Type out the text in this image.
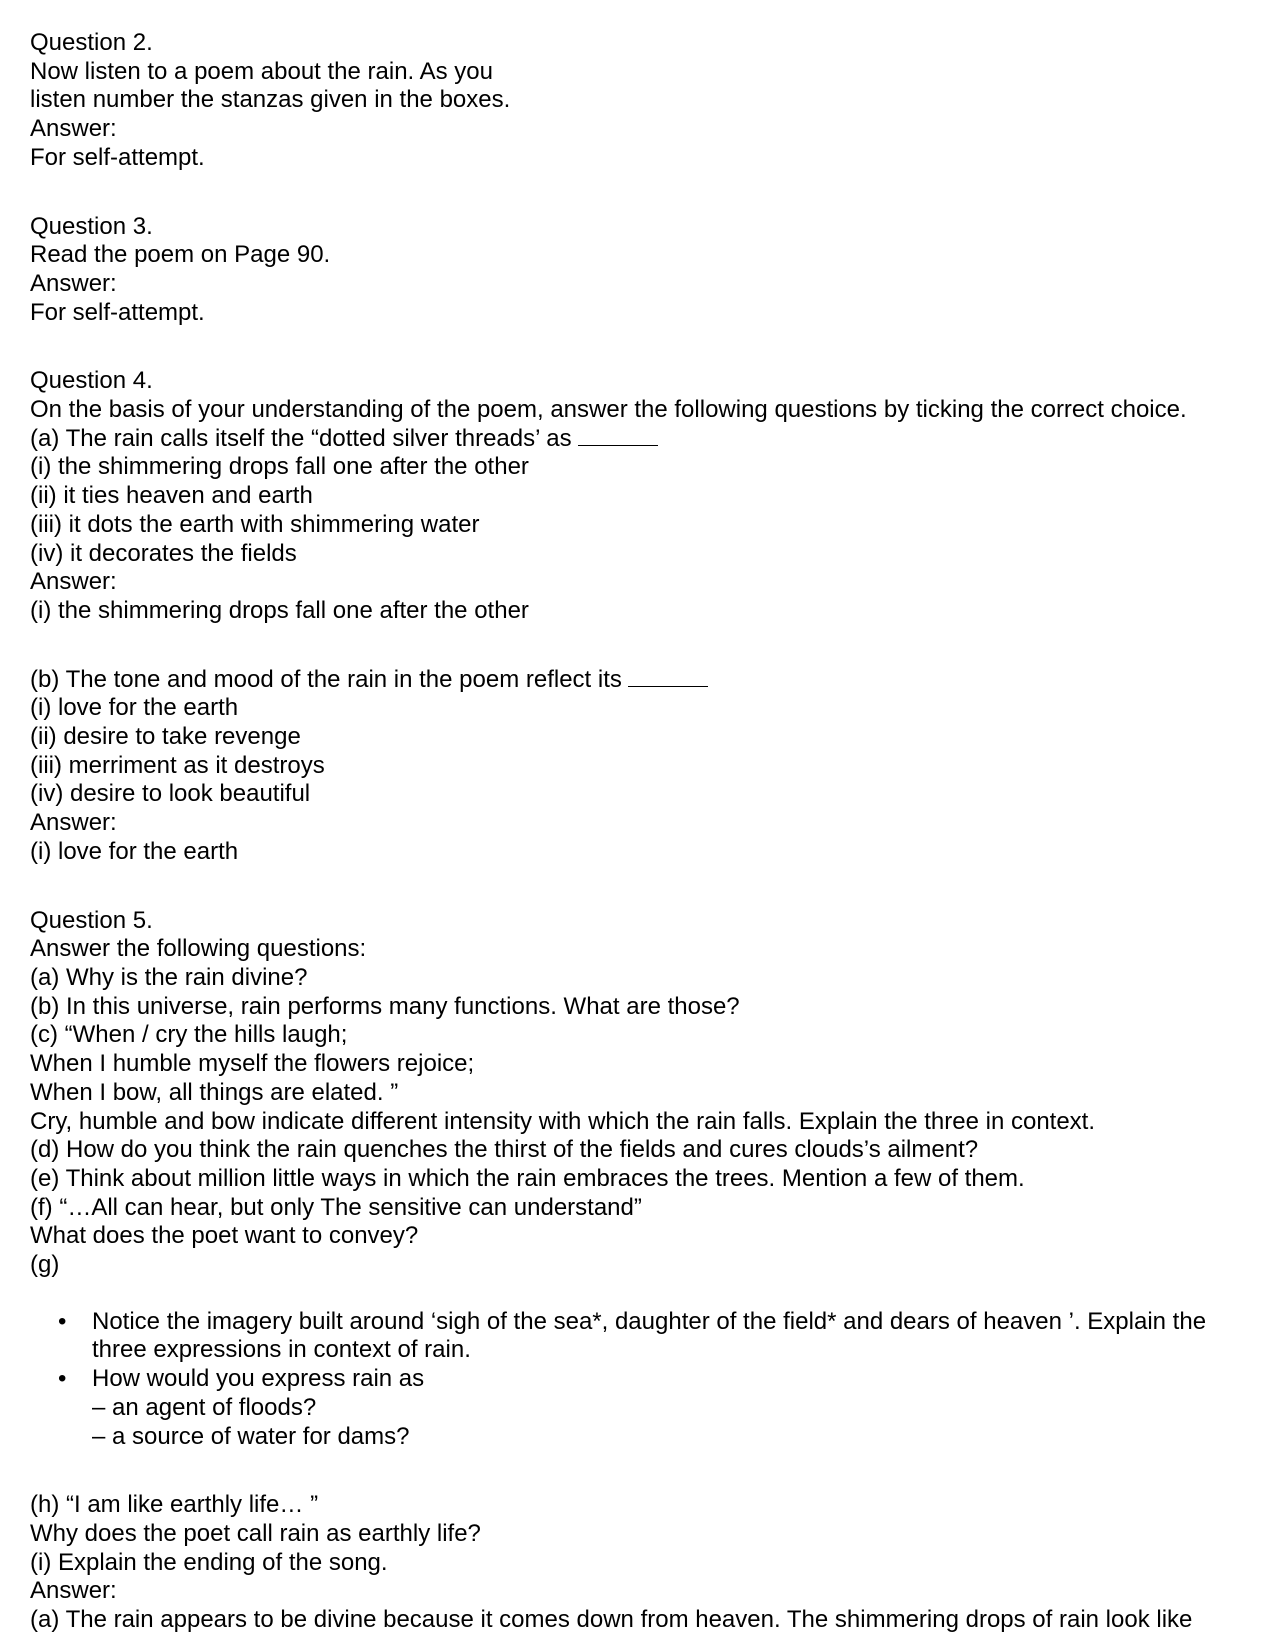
Question 2.
Now listen to a poem about the rain. As you
listen number the stanzas given in the boxes.
Answer:
For self-attempt.
Question 3.
Read the poem on Page 90.
Answer:
For self-attempt.
Question 4.
On the basis of your understanding of the poem, answer the following questions by ticking the correct choice.
(a) The rain calls itself the “dotted silver threads’ as
(i) the shimmering drops fall one after the other
(ii) it ties heaven and earth
(iii) it dots the earth with shimmering water
(iv) it decorates the fields
Answer:
(i) the shimmering drops fall one after the other
(b) The tone and mood of the rain in the poem reflect its
(i) love for the earth
(ii) desire to take revenge
(iii) merriment as it destroys
(iv) desire to look beautiful
Answer:
(i) love for the earth
Question 5.
Answer the following questions:
(a) Why is the rain divine?
(b) In this universe, rain performs many functions. What are those?
(c) “When / cry the hills laugh;
When I humble myself the flowers rejoice;
When I bow, all things are elated. ”
Cry, humble and bow indicate different intensity with which the rain falls. Explain the three in context.
(d) How do you think the rain quenches the thirst of the fields and cures clouds’s ailment?
(e) Think about million little ways in which the rain embraces the trees. Mention a few of them.
(f) “…All can hear, but only The sensitive can understand”
What does the poet want to convey?
(g)
• Notice the imagery built around ‘sigh of the sea*, daughter of the field* and dears of heaven ’. Explain the three expressions in context of rain.
• How would you express rain as
– an agent of floods?
– a source of water for dams?
(h) “I am like earthly life… ”
Why does the poet call rain as earthly life?
(i) Explain the ending of the song.
Answer:
(a) The rain appears to be divine because it comes down from heaven. The shimmering drops of rain look like
